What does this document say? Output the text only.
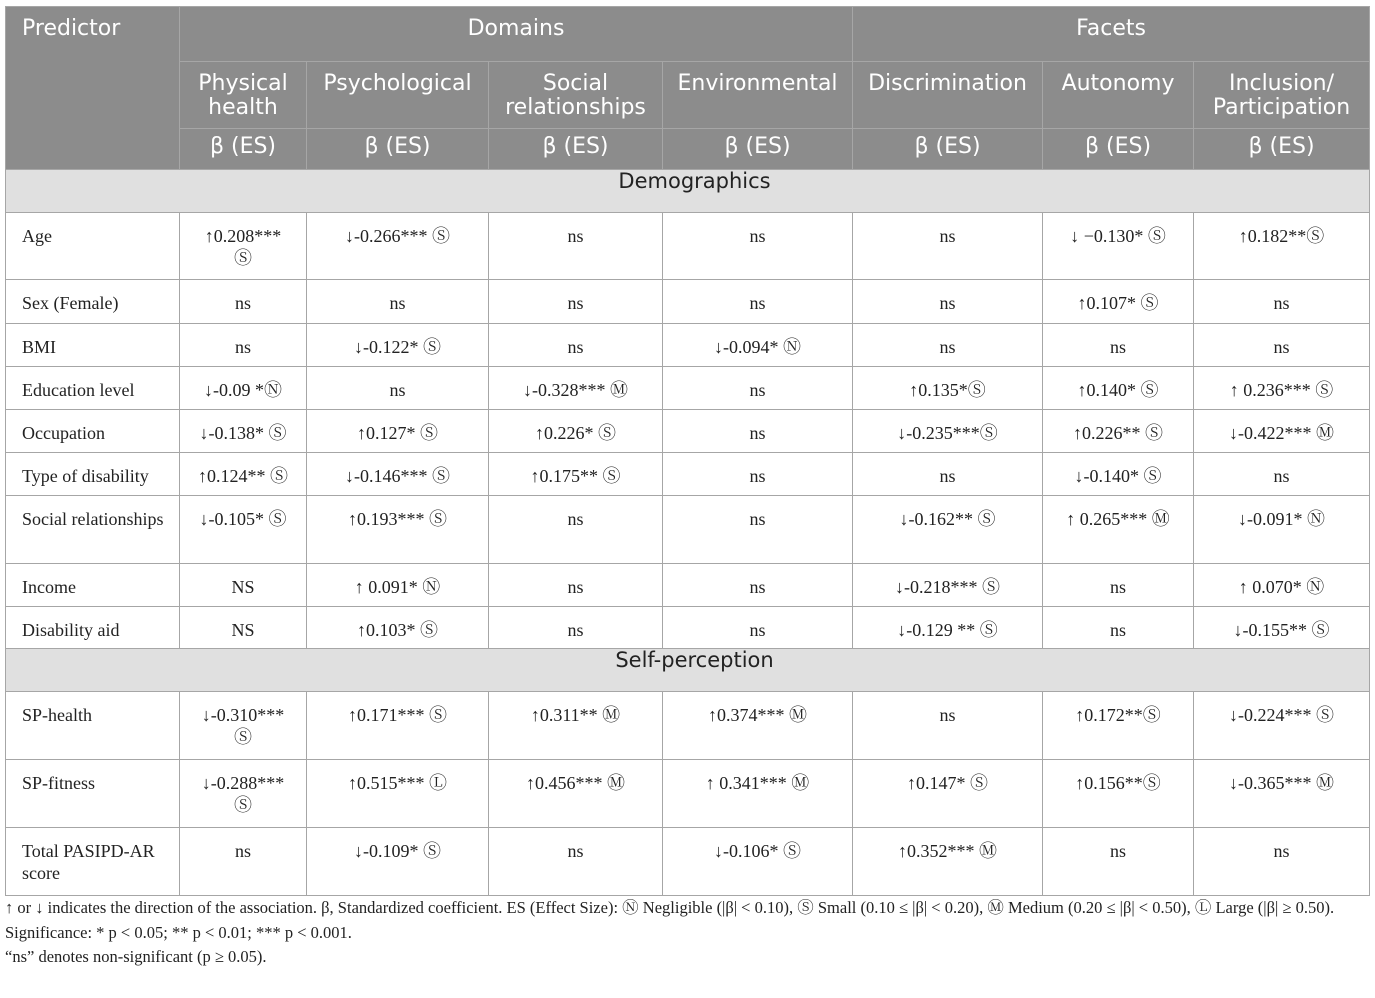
Predictor	Domains				Facets		
	Physical health	Psychological	Social relationships	Environmental	Discrimination	Autonomy	Inclusion/ Participation
	β (ES)	β (ES)	β (ES)	β (ES)	β (ES)	β (ES)	β (ES)
Demographics							
Age	↑0.208*** Ⓢ	↓-0.266*** Ⓢ	ns	ns	ns	↓ −0.130* Ⓢ	↑0.182**Ⓢ
Sex (Female)	ns	ns	ns	ns	ns	↑0.107* Ⓢ	ns
BMI	ns	↓-0.122* Ⓢ	ns	↓-0.094* Ⓝ	ns	ns	ns
Education level	↓-0.09 *Ⓝ	ns	↓-0.328*** Ⓜ	ns	↑0.135*Ⓢ	↑0.140* Ⓢ	↑ 0.236*** Ⓢ
Occupation	↓-0.138* Ⓢ	↑0.127* Ⓢ	↑0.226* Ⓢ	ns	↓-0.235***Ⓢ	↑0.226** Ⓢ	↓-0.422*** Ⓜ
Type of disability	↑0.124** Ⓢ	↓-0.146*** Ⓢ	↑0.175** Ⓢ	ns	ns	↓-0.140* Ⓢ	ns
Social relationships	↓-0.105* Ⓢ	↑0.193*** Ⓢ	ns	ns	↓-0.162** Ⓢ	↑ 0.265*** Ⓜ	↓-0.091* Ⓝ
Income	NS	↑ 0.091* Ⓝ	ns	ns	↓-0.218*** Ⓢ	ns	↑ 0.070* Ⓝ
Disability aid	NS	↑0.103* Ⓢ	ns	ns	↓-0.129 ** Ⓢ	ns	↓-0.155** Ⓢ
Self-perception							
SP-health	↓-0.310*** Ⓢ	↑0.171*** Ⓢ	↑0.311** Ⓜ	↑0.374*** Ⓜ	ns	↑0.172**Ⓢ	↓-0.224*** Ⓢ
SP-fitness	↓-0.288*** Ⓢ	↑0.515*** Ⓛ	↑0.456*** Ⓜ	↑ 0.341*** Ⓜ	↑0.147* Ⓢ	↑0.156**Ⓢ	↓-0.365*** Ⓜ
Total PASIPD-AR score	ns	↓-0.109* Ⓢ	ns	↓-0.106* Ⓢ	↑0.352*** Ⓜ	ns	ns

↑ or ↓ indicates the direction of the association. β, Standardized coefficient. ES (Effect Size): Ⓝ Negligible (|β| < 0.10), Ⓢ Small (0.10 ≤ |β| < 0.20), Ⓜ Medium (0.20 ≤ |β| < 0.50), Ⓛ Large (|β| ≥ 0.50).

Significance: * p < 0.05; ** p < 0.01; *** p < 0.001.

“ns” denotes non-significant (p ≥ 0.05).
